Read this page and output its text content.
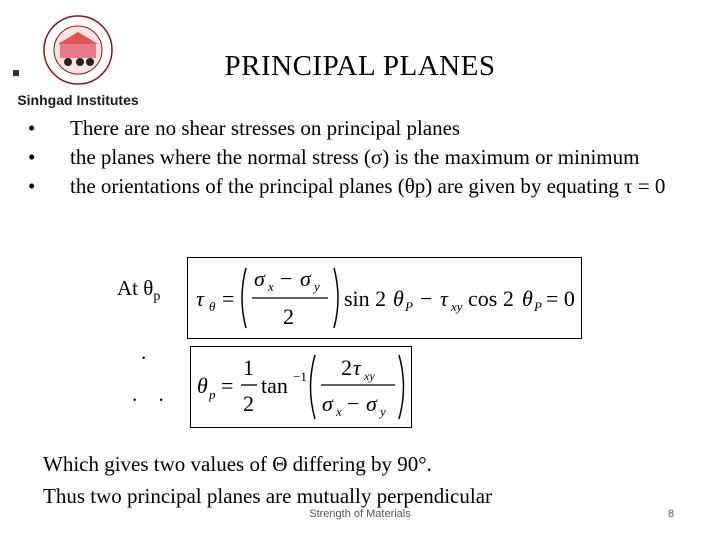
Sinhgad Institutes
PRINCIPAL PLANES
• There are no shear stresses on principal planes
• the planes where the normal stress (σ) is the maximum or minimum
• the orientations of the principal planes (θp) are given by equating τ = 0
At $\theta_p$
.
. .
τ θ =
σ x − σ y
2
sin 2 θ P − τ xy cos 2 θ P = 0
θ p =
1
2
tan −1 2 τ xy
σ x − σ y
Which gives two values of Θ differing by 90°.
Thus two principal planes are mutually perpendicular
Strength of Materials	8
